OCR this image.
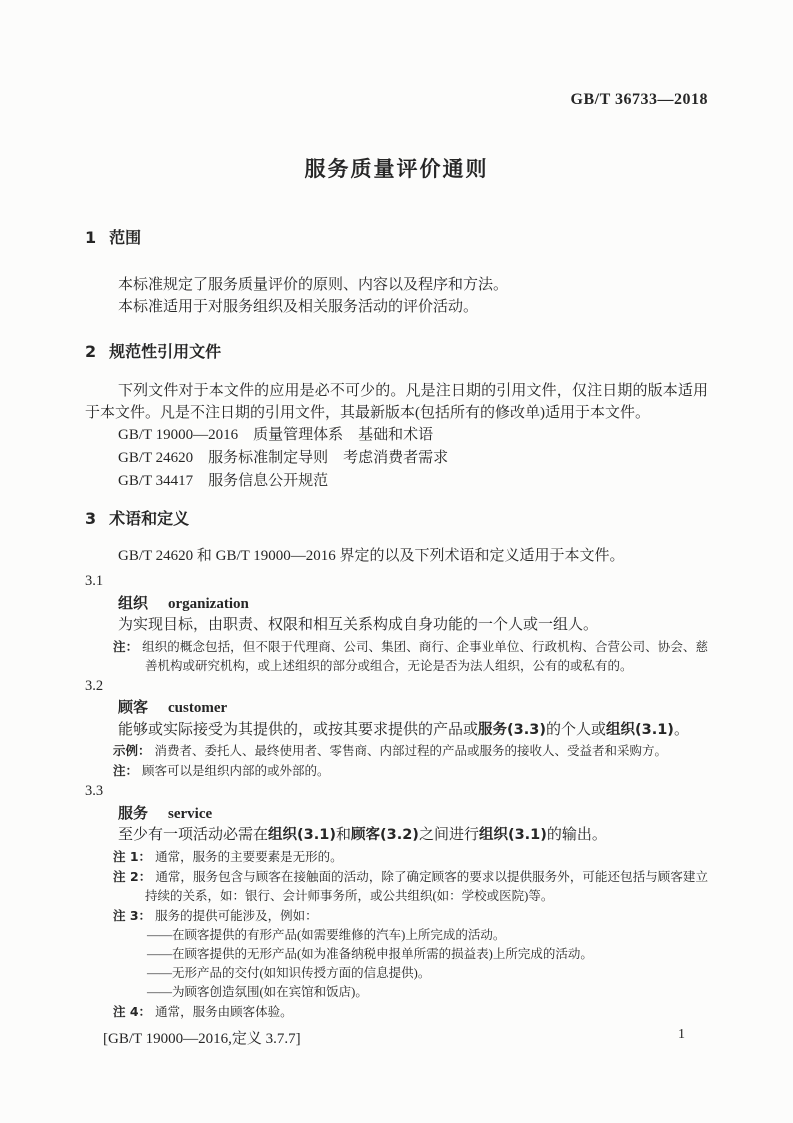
GB/T 36733—2018
服务质量评价通则
1 范围

本标准规定了服务质量评价的原则、内容以及程序和方法。

本标准适用于对服务组织及相关服务活动的评价活动。

2 规范性引用文件

下列文件对于本文件的应用是必不可少的。凡是注日期的引用文件，仅注日期的版本适用于本文件。凡是不注日期的引用文件，其最新版本(包括所有的修改单)适用于本文件。

GB/T 19000—2016　质量管理体系　基础和术语
GB/T 24620　服务标准制定导则　考虑消费者需求
GB/T 34417　服务信息公开规范
3 术语和定义

GB/T 24620 和 GB/T 19000—2016 界定的以及下列术语和定义适用于本文件。

3.1
组织 organization

为实现目标，由职责、权限和相互关系构成自身功能的一个人或一组人。

注： 组织的概念包括，但不限于代理商、公司、集团、商行、企事业单位、行政机构、合营公司、协会、慈善机构或研究机构，或上述组织的部分或组合，无论是否为法人组织，公有的或私有的。
3.2
顾客 customer

能够或实际接受为其提供的，或按其要求提供的产品或服务(3.3)的个人或组织(3.1)。

示例： 消费者、委托人、最终使用者、零售商、内部过程的产品或服务的接收人、受益者和采购方。
注： 顾客可以是组织内部的或外部的。
3.3
服务 service

至少有一项活动必需在组织(3.1)和顾客(3.2)之间进行组织(3.1)的输出。

注 1： 通常，服务的主要要素是无形的。
注 2： 通常，服务包含与顾客在接触面的活动，除了确定顾客的要求以提供服务外，可能还包括与顾客建立持续的关系，如：银行、会计师事务所，或公共组织(如：学校或医院)等。
注 3： 服务的提供可能涉及，例如：
——在顾客提供的有形产品(如需要维修的汽车)上所完成的活动。
——在顾客提供的无形产品(如为准备纳税申报单所需的损益表)上所完成的活动。
——无形产品的交付(如知识传授方面的信息提供)。
——为顾客创造氛围(如在宾馆和饭店)。
注 4： 通常，服务由顾客体验。

[GB/T 19000—2016,定义 3.7.7]	1
